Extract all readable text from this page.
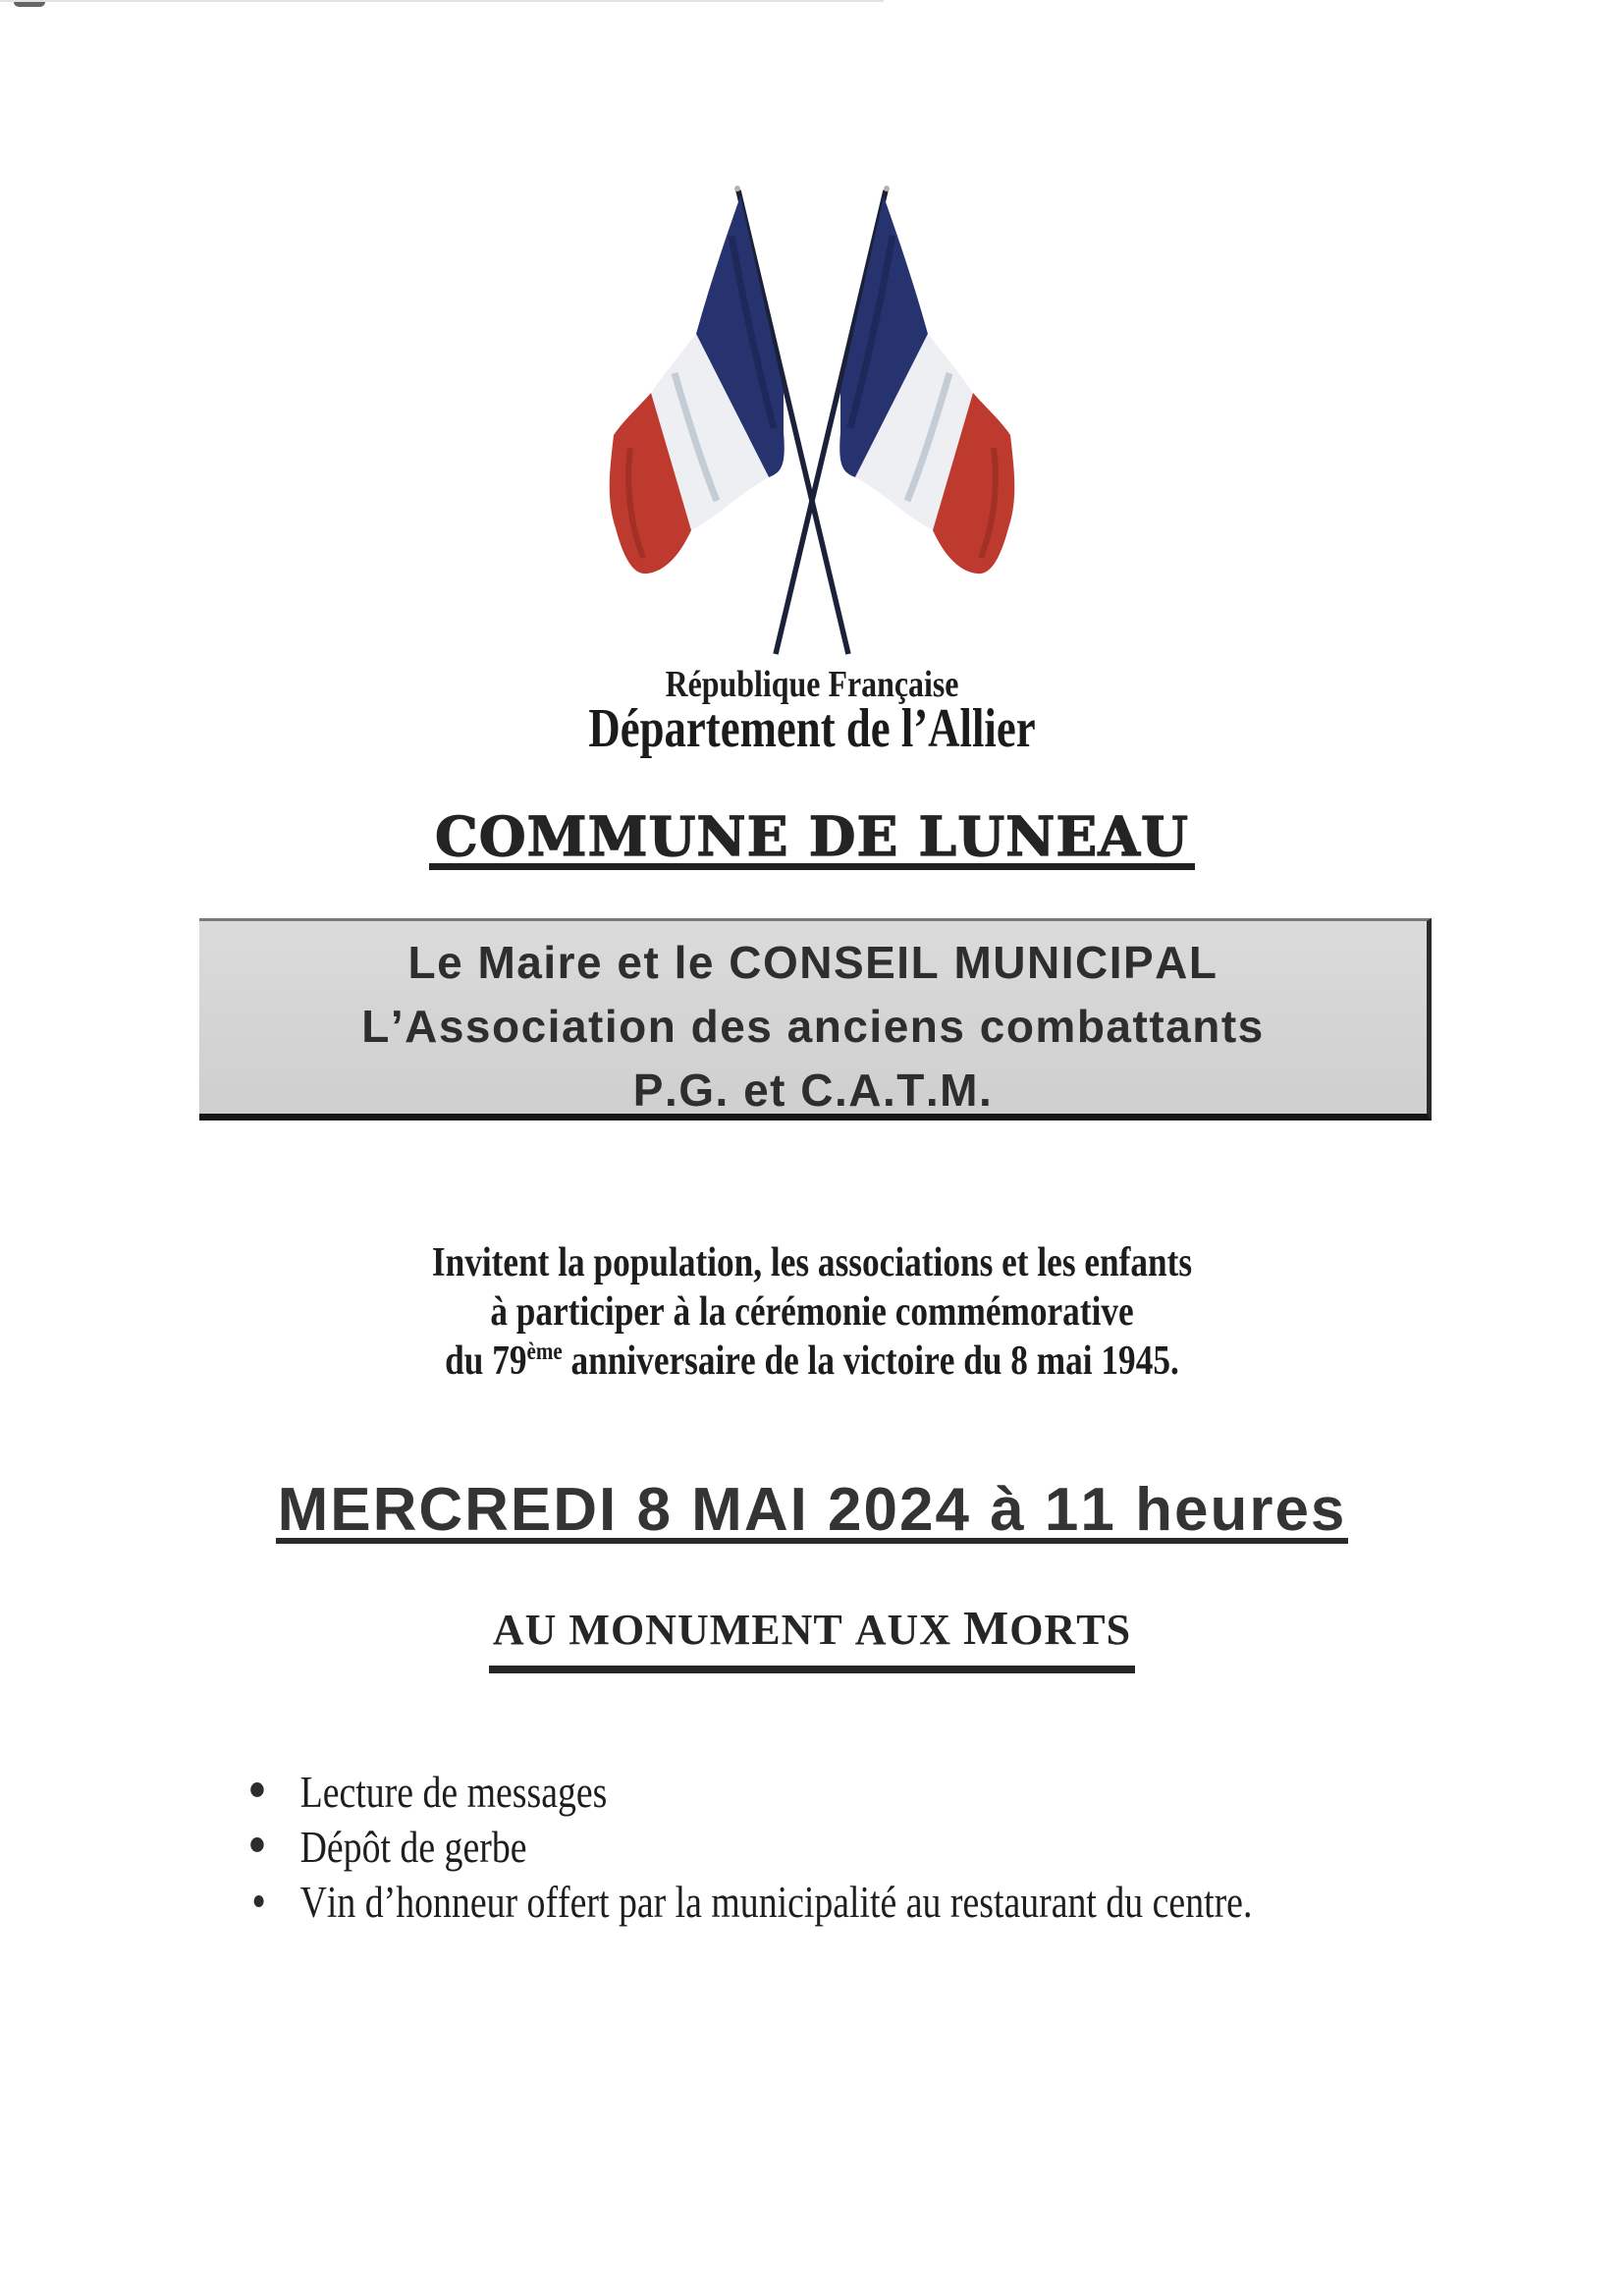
République Française
Département de l’Allier
COMMUNE DE LUNEAU
Le Maire et le CONSEIL MUNICIPAL
L’Association des anciens combattants
P.G. et C.A.T.M.
Invitent la population, les associations et les enfants
à participer à la cérémonie commémorative
du 79ème anniversaire de la victoire du 8 mai 1945.
MERCREDI 8 MAI 2024 à 11 heures
AU MONUMENT AUX MORTS
Lecture de messages
Dépôt de gerbe
Vin d’honneur offert par la municipalité au restaurant du centre.
